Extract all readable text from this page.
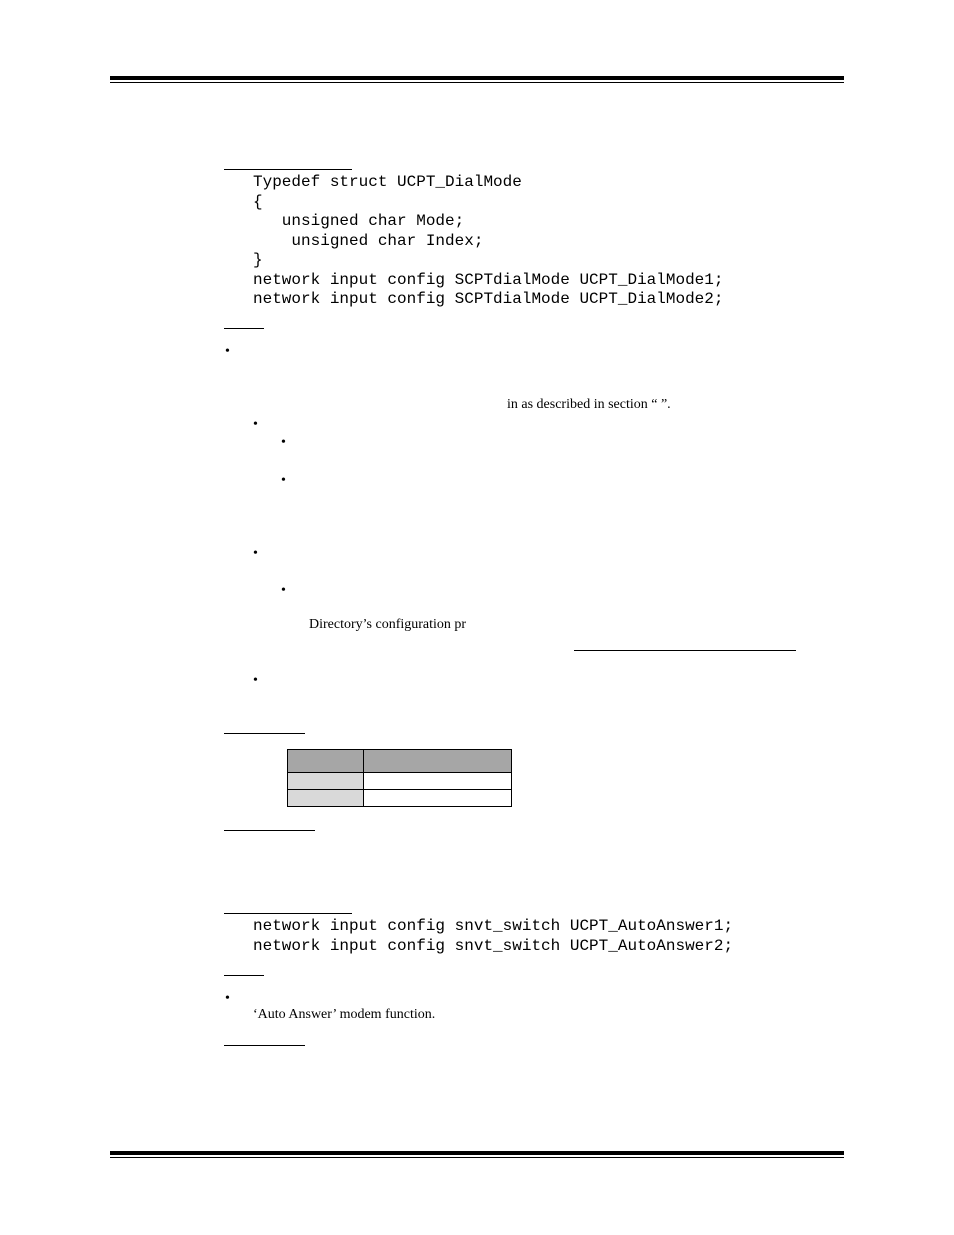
Typedef struct UCPT_DialMode
{
unsigned char Mode;
unsigned char Index;
}
network input config SCPTdialMode UCPT_DialMode1;
network input config SCPTdialMode UCPT_DialMode2;
•
in as described in section “ ”.
•
•
•
•
•
Directory’s configuration pr
•

network input config snvt_switch UCPT_AutoAnswer1;
network input config snvt_switch UCPT_AutoAnswer2;
•
‘Auto Answer’ modem function.
